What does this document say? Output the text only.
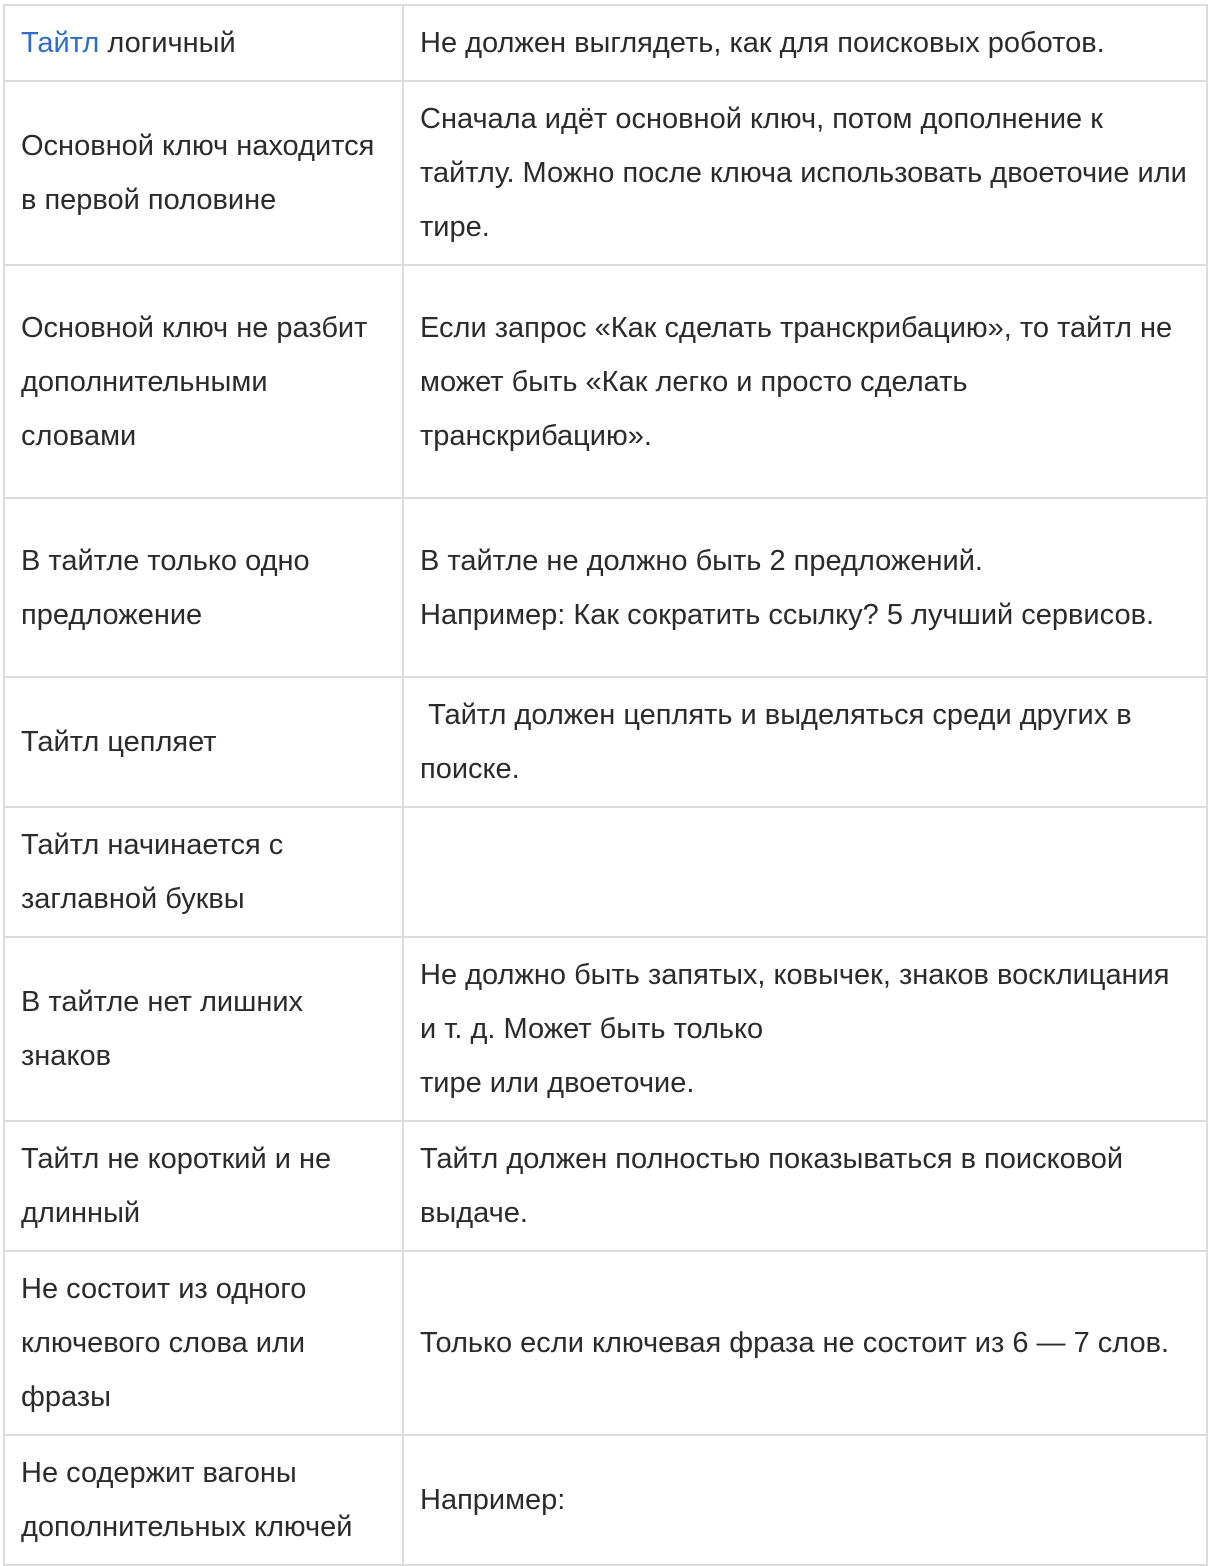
Тайтл логичный	Не должен выглядеть, как для поисковых роботов.
Основной ключ находится в первой половине	Сначала идёт основной ключ, потом дополнение к тайтлу. Можно после ключа использовать двоеточие или тире.
Основной ключ не разбит дополнительными словами	Если запрос «Как сделать транскрибацию», то тайтл не может быть «Как легко и просто сделать транскрибацию».
В тайтле только одно предложение	В тайтле не должно быть 2 предложений.
Например: Как сократить ссылку? 5 лучший сервисов.

Тайтл цепляет	Тайтл должен цеплять и выделяться среди других в поиске.
Тайтл начинается с заглавной буквы	
В тайтле нет лишних знаков	Не должно быть запятых, ковычек, знаков восклицания и т. д. Может быть только
тире или двоеточие.

Тайтл не короткий и не длинный	Тайтл должен полностью показываться в поисковой выдаче.
Не состоит из одного ключевого слова или фразы	Только если ключевая фраза не состоит из 6 — 7 слов.
Не содержит вагоны дополнительных ключей	Например:
